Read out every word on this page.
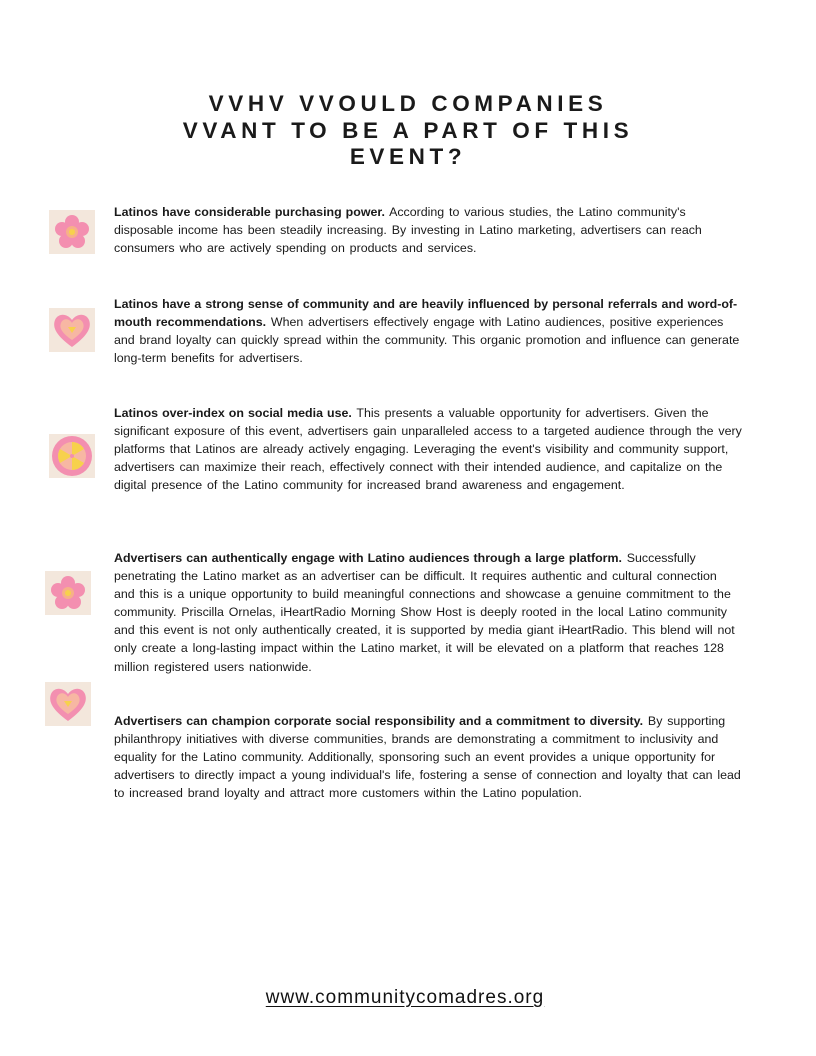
VVHV VVOULD COMPANIES
VVANT TO BE A PART OF THIS
EVENT?

Latinos have considerable purchasing power. According to various studies, the Latino community's disposable income has been steadily increasing. By investing in Latino marketing, advertisers can reach consumers who are actively spending on products and services.

Latinos have a strong sense of community and are heavily influenced by personal referrals and word-of-mouth recommendations. When advertisers effectively engage with Latino audiences, positive experiences and brand loyalty can quickly spread within the community. This organic promotion and influence can generate long-term benefits for advertisers.

Latinos over-index on social media use. This presents a valuable opportunity for advertisers. Given the significant exposure of this event, advertisers gain unparalleled access to a targeted audience through the very platforms that Latinos are already actively engaging. Leveraging the event's visibility and community support, advertisers can maximize their reach, effectively connect with their intended audience, and capitalize on the digital presence of the Latino community for increased brand awareness and engagement.

Advertisers can authentically engage with Latino audiences through a large platform. Successfully penetrating the Latino market as an advertiser can be difficult. It requires authentic and cultural connection and this is a unique opportunity to build meaningful connections and showcase a genuine commitment to the community. Priscilla Ornelas, iHeartRadio Morning Show Host is deeply rooted in the local Latino community and this event is not only authentically created, it is supported by media giant iHeartRadio. This blend will not only create a long-lasting impact within the Latino market, it will be elevated on a platform that reaches 128 million registered users nationwide.

Advertisers can champion corporate social responsibility and a commitment to diversity. By supporting philanthropy initiatives with diverse communities, brands are demonstrating a commitment to inclusivity and equality for the Latino community. Additionally, sponsoring such an event provides a unique opportunity for advertisers to directly impact a young individual's life, fostering a sense of connection and loyalty that can lead to increased brand loyalty and attract more customers within the Latino population.

www.communitycomadres.org
